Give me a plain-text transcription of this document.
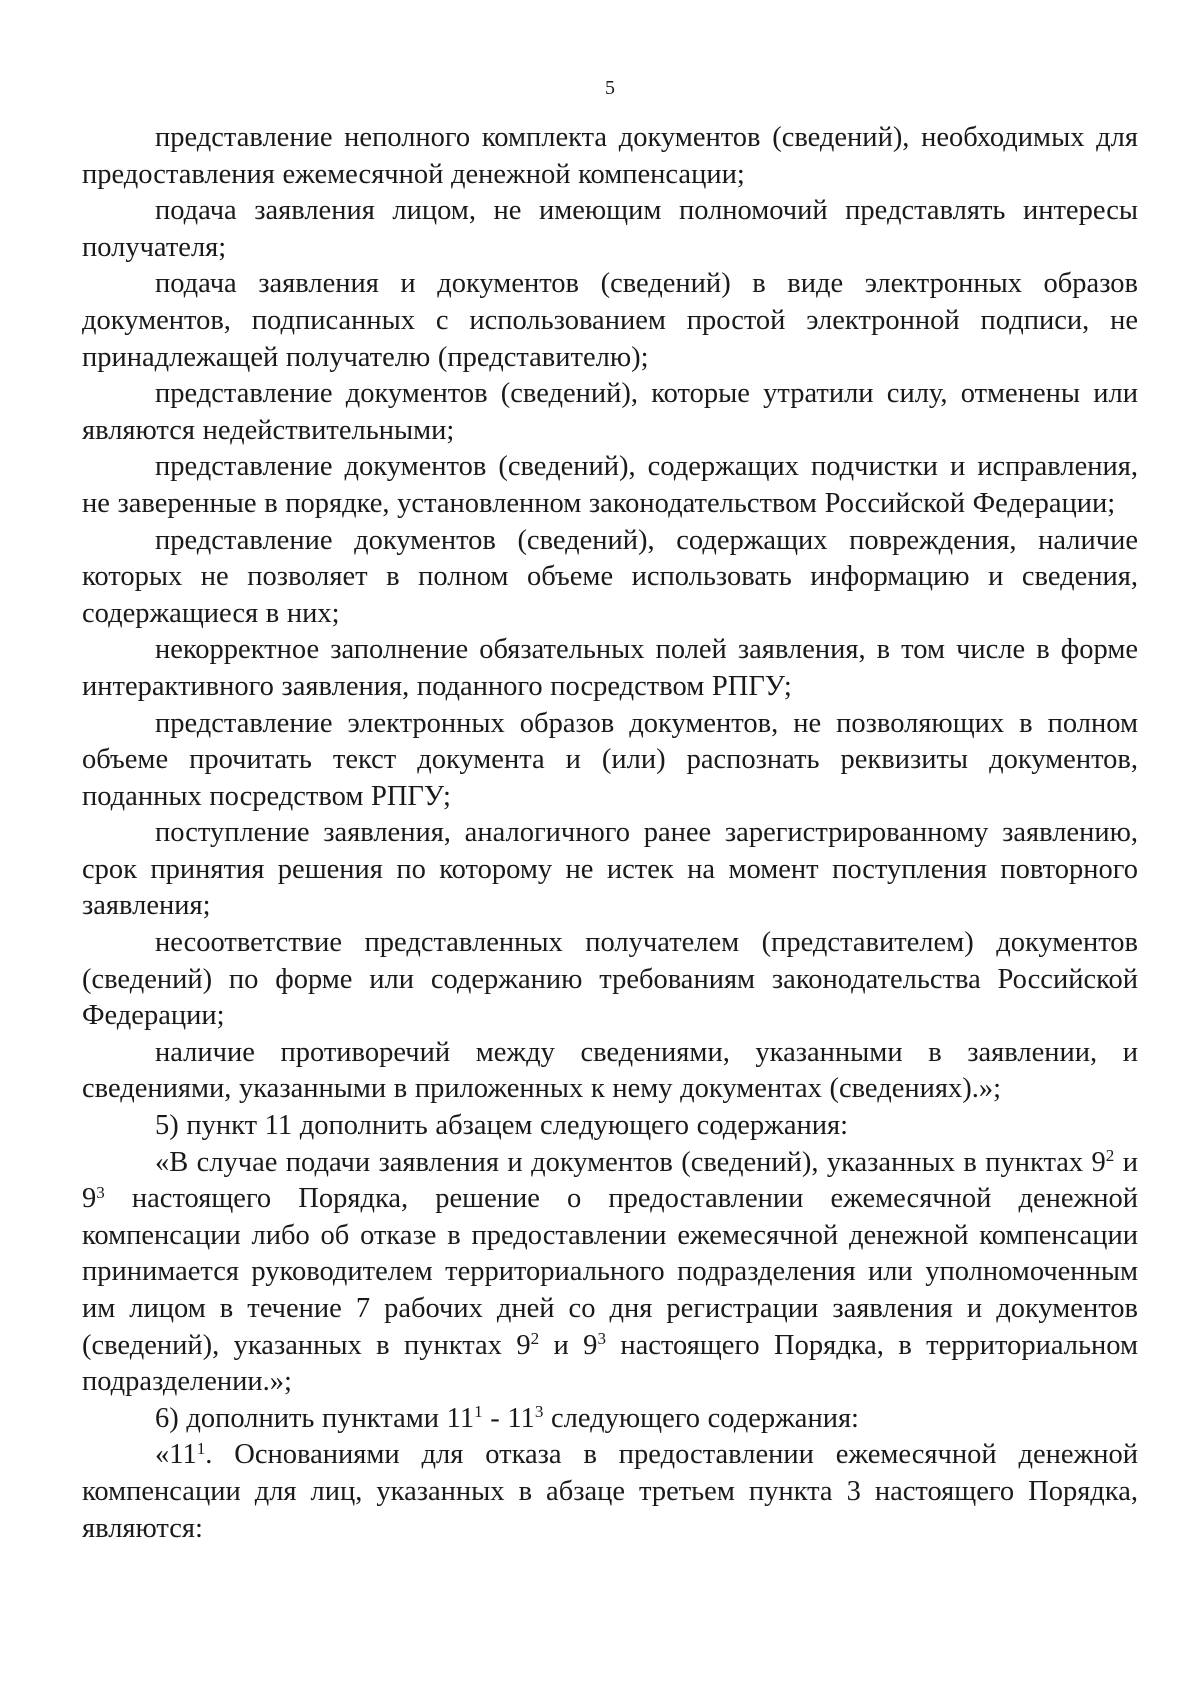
5

представление неполного комплекта документов (сведений), необходимых для предоставления ежемесячной денежной компенсации;

подача заявления лицом, не имеющим полномочий представлять интересы получателя;

подача заявления и документов (сведений) в виде электронных образов документов, подписанных с использованием простой электронной подписи, не принадлежащей получателю (представителю);

представление документов (сведений), которые утратили силу, отменены или являются недействительными;

представление документов (сведений), содержащих подчистки и исправления, не заверенные в порядке, установленном законодательством Российской Федерации;

представление документов (сведений), содержащих повреждения, наличие которых не позволяет в полном объеме использовать информацию и сведения, содержащиеся в них;

некорректное заполнение обязательных полей заявления, в том числе в форме интерактивного заявления, поданного посредством РПГУ;

представление электронных образов документов, не позволяющих в полном объеме прочитать текст документа и (или) распознать реквизиты документов, поданных посредством РПГУ;

поступление заявления, аналогичного ранее зарегистрированному заявлению, срок принятия решения по которому не истек на момент поступления повторного заявления;

несоответствие представленных получателем (представителем) документов (сведений) по форме или содержанию требованиям законодательства Российской Федерации;

наличие противоречий между сведениями, указанными в заявлении, и сведениями, указанными в приложенных к нему документах (сведениях).»;

5) пункт 11 дополнить абзацем следующего содержания:

«В случае подачи заявления и документов (сведений), указанных в пунктах $9^2$ и $9^3$ настоящего Порядка, решение о предоставлении ежемесячной денежной компенсации либо об отказе в предоставлении ежемесячной денежной компенсации принимается руководителем территориального подразделения или уполномоченным им лицом в течение 7 рабочих дней со дня регистрации заявления и документов (сведений), указанных в пунктах $9^2$ и $9^3$ настоящего Порядка, в территориальном подразделении.»;

6) дополнить пунктами $11^1 - 11^3$ следующего содержания:

«$11^1$. Основаниями для отказа в предоставлении ежемесячной денежной компенсации для лиц, указанных в абзаце третьем пункта 3 настоящего Порядка, являются:
